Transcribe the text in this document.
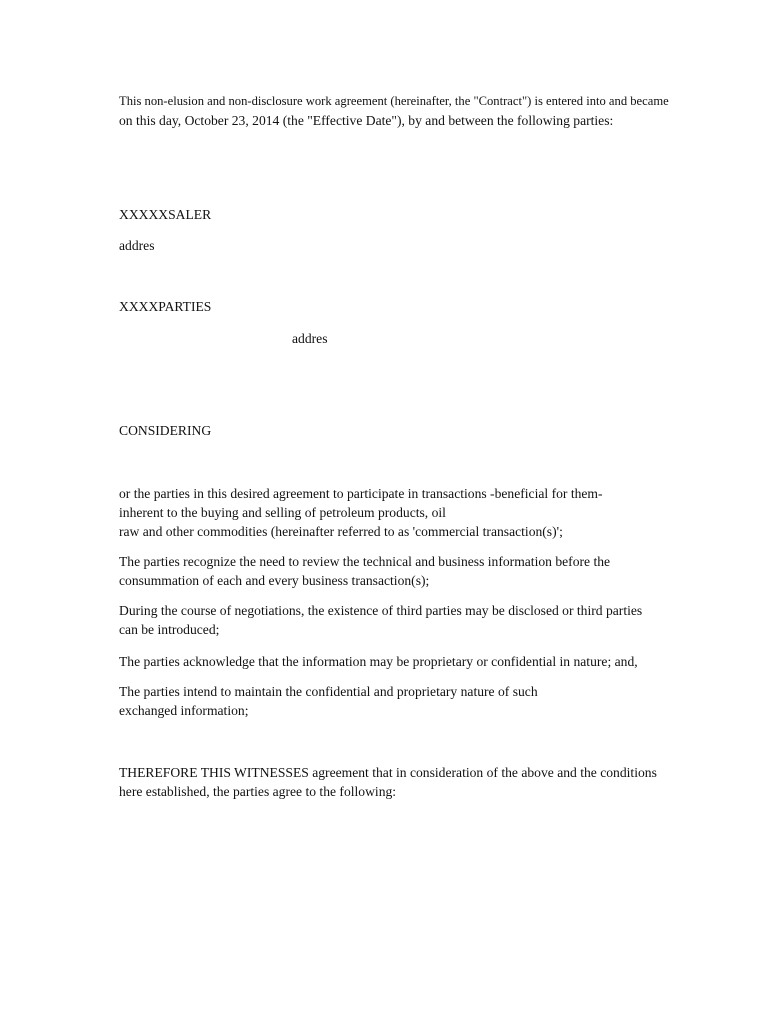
This non-elusion and non-disclosure work agreement (hereinafter, the "Contract") is entered into and became
on this day, October 23, 2014 (the "Effective Date"), by and between the following parties:

XXXXXSALER

addres

XXXXPARTIES

addres

CONSIDERING

or the parties in this desired agreement to participate in transactions -beneficial for them-
inherent to the buying and selling of petroleum products, oil
raw and other commodities (hereinafter referred to as 'commercial transaction(s)';

The parties recognize the need to review the technical and business information before the
consummation of each and every business transaction(s);

During the course of negotiations, the existence of third parties may be disclosed or third parties
can be introduced;

The parties acknowledge that the information may be proprietary or confidential in nature; and,

The parties intend to maintain the confidential and proprietary nature of such
exchanged information;

THEREFORE THIS WITNESSES agreement that in consideration of the above and the conditions
here established, the parties agree to the following:
